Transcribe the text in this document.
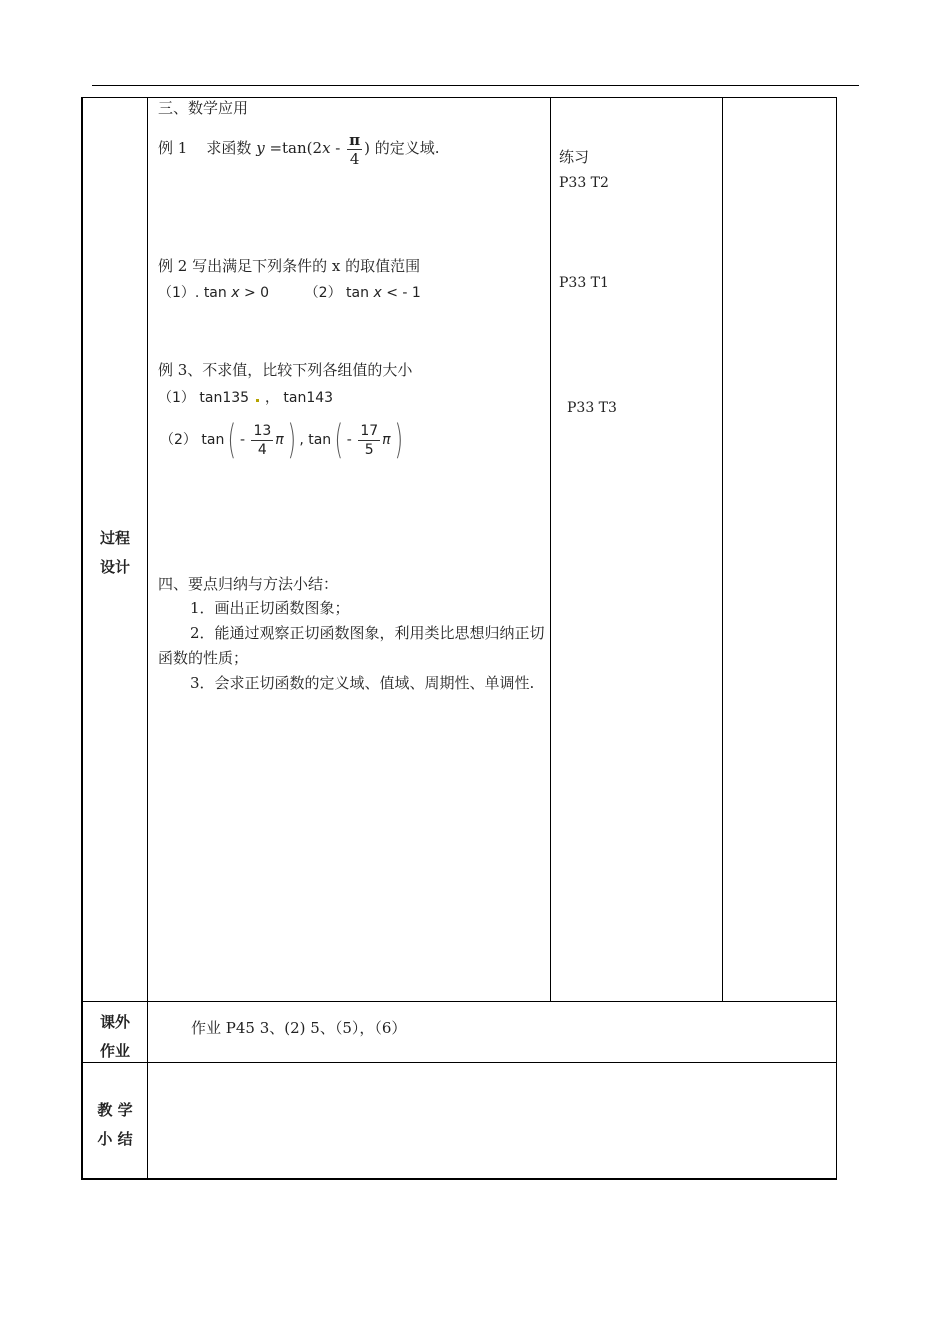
过程
设计
课外
作业
教 学
小 结
三、数学应用
例 1 求函数 $y =\tan(2x - \frac{\pi}{4}$ ) 的定义域.
例 2 写出满足下列条件的 x 的取值范围
（1）. tan x > 0	（2） tan x < - 1
例 3、不求值，比较下列各组值的大小
（1） tan135 ， tan143
（2） $\tan( - \frac{13}{4} \pi)$ , $\tan( - \frac{17}{5} \pi)$
四、要点归纳与方法小结：
1．画出正切函数图象；
2．能通过观察正切函数图象，利用类比思想归纳正切函数的性质；
3．会求正切函数的定义域、值域、周期性、单调性.
练习
P33 T2
P33 T1
P33 T3
作业 P45 3、(2) 5、（5），（6）
